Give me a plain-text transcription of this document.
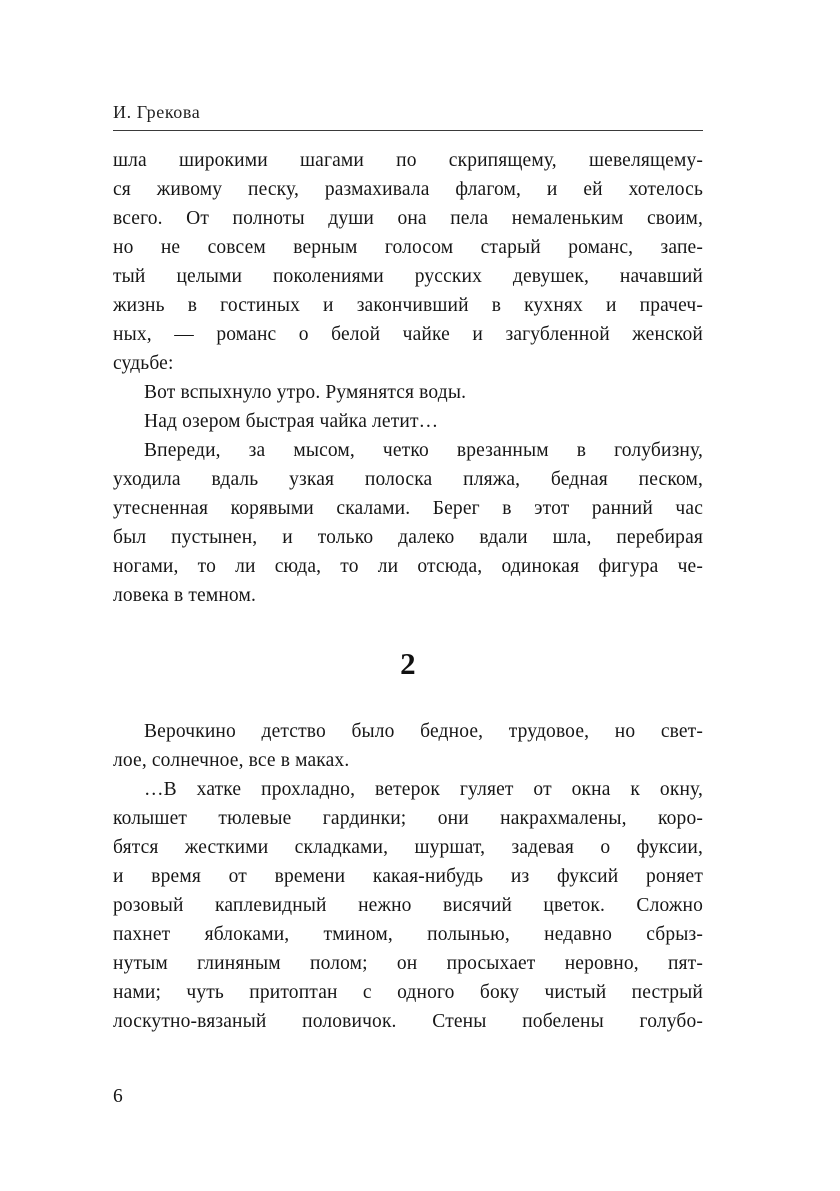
И. Грекова
шла широкими шагами по скрипящему, шевелящему-
ся живому песку, размахивала флагом, и ей хотелось
всего. От полноты души она пела немаленьким своим,
но не совсем верным голосом старый романс, запе-
тый целыми поколениями русских девушек, начавший
жизнь в гостиных и закончивший в кухнях и прачеч-
ных, — романс о белой чайке и загубленной женской
судьбе:
Вот вспыхнуло утро. Румянятся воды.
Над озером быстрая чайка летит…
Впереди, за мысом, четко врезанным в голубизну,
уходила вдаль узкая полоска пляжа, бедная песком,
утесненная корявыми скалами. Берег в этот ранний час
был пустынен, и только далеко вдали шла, перебирая
ногами, то ли сюда, то ли отсюда, одинокая фигура че-
ловека в темном.
2
Верочкино детство было бедное, трудовое, но свет-
лое, солнечное, все в маках.
…В хатке прохладно, ветерок гуляет от окна к окну,
колышет тюлевые гардинки; они накрахмалены, коро-
бятся жесткими складками, шуршат, задевая о фуксии,
и время от времени какая-нибудь из фуксий роняет
розовый каплевидный нежно висячий цветок. Сложно
пахнет яблоками, тмином, полынью, недавно сбрыз-
нутым глиняным полом; он просыхает неровно, пят-
нами; чуть притоптан с одного боку чистый пестрый
лоскутно-вязаный половичок. Стены побелены голубо-
6
